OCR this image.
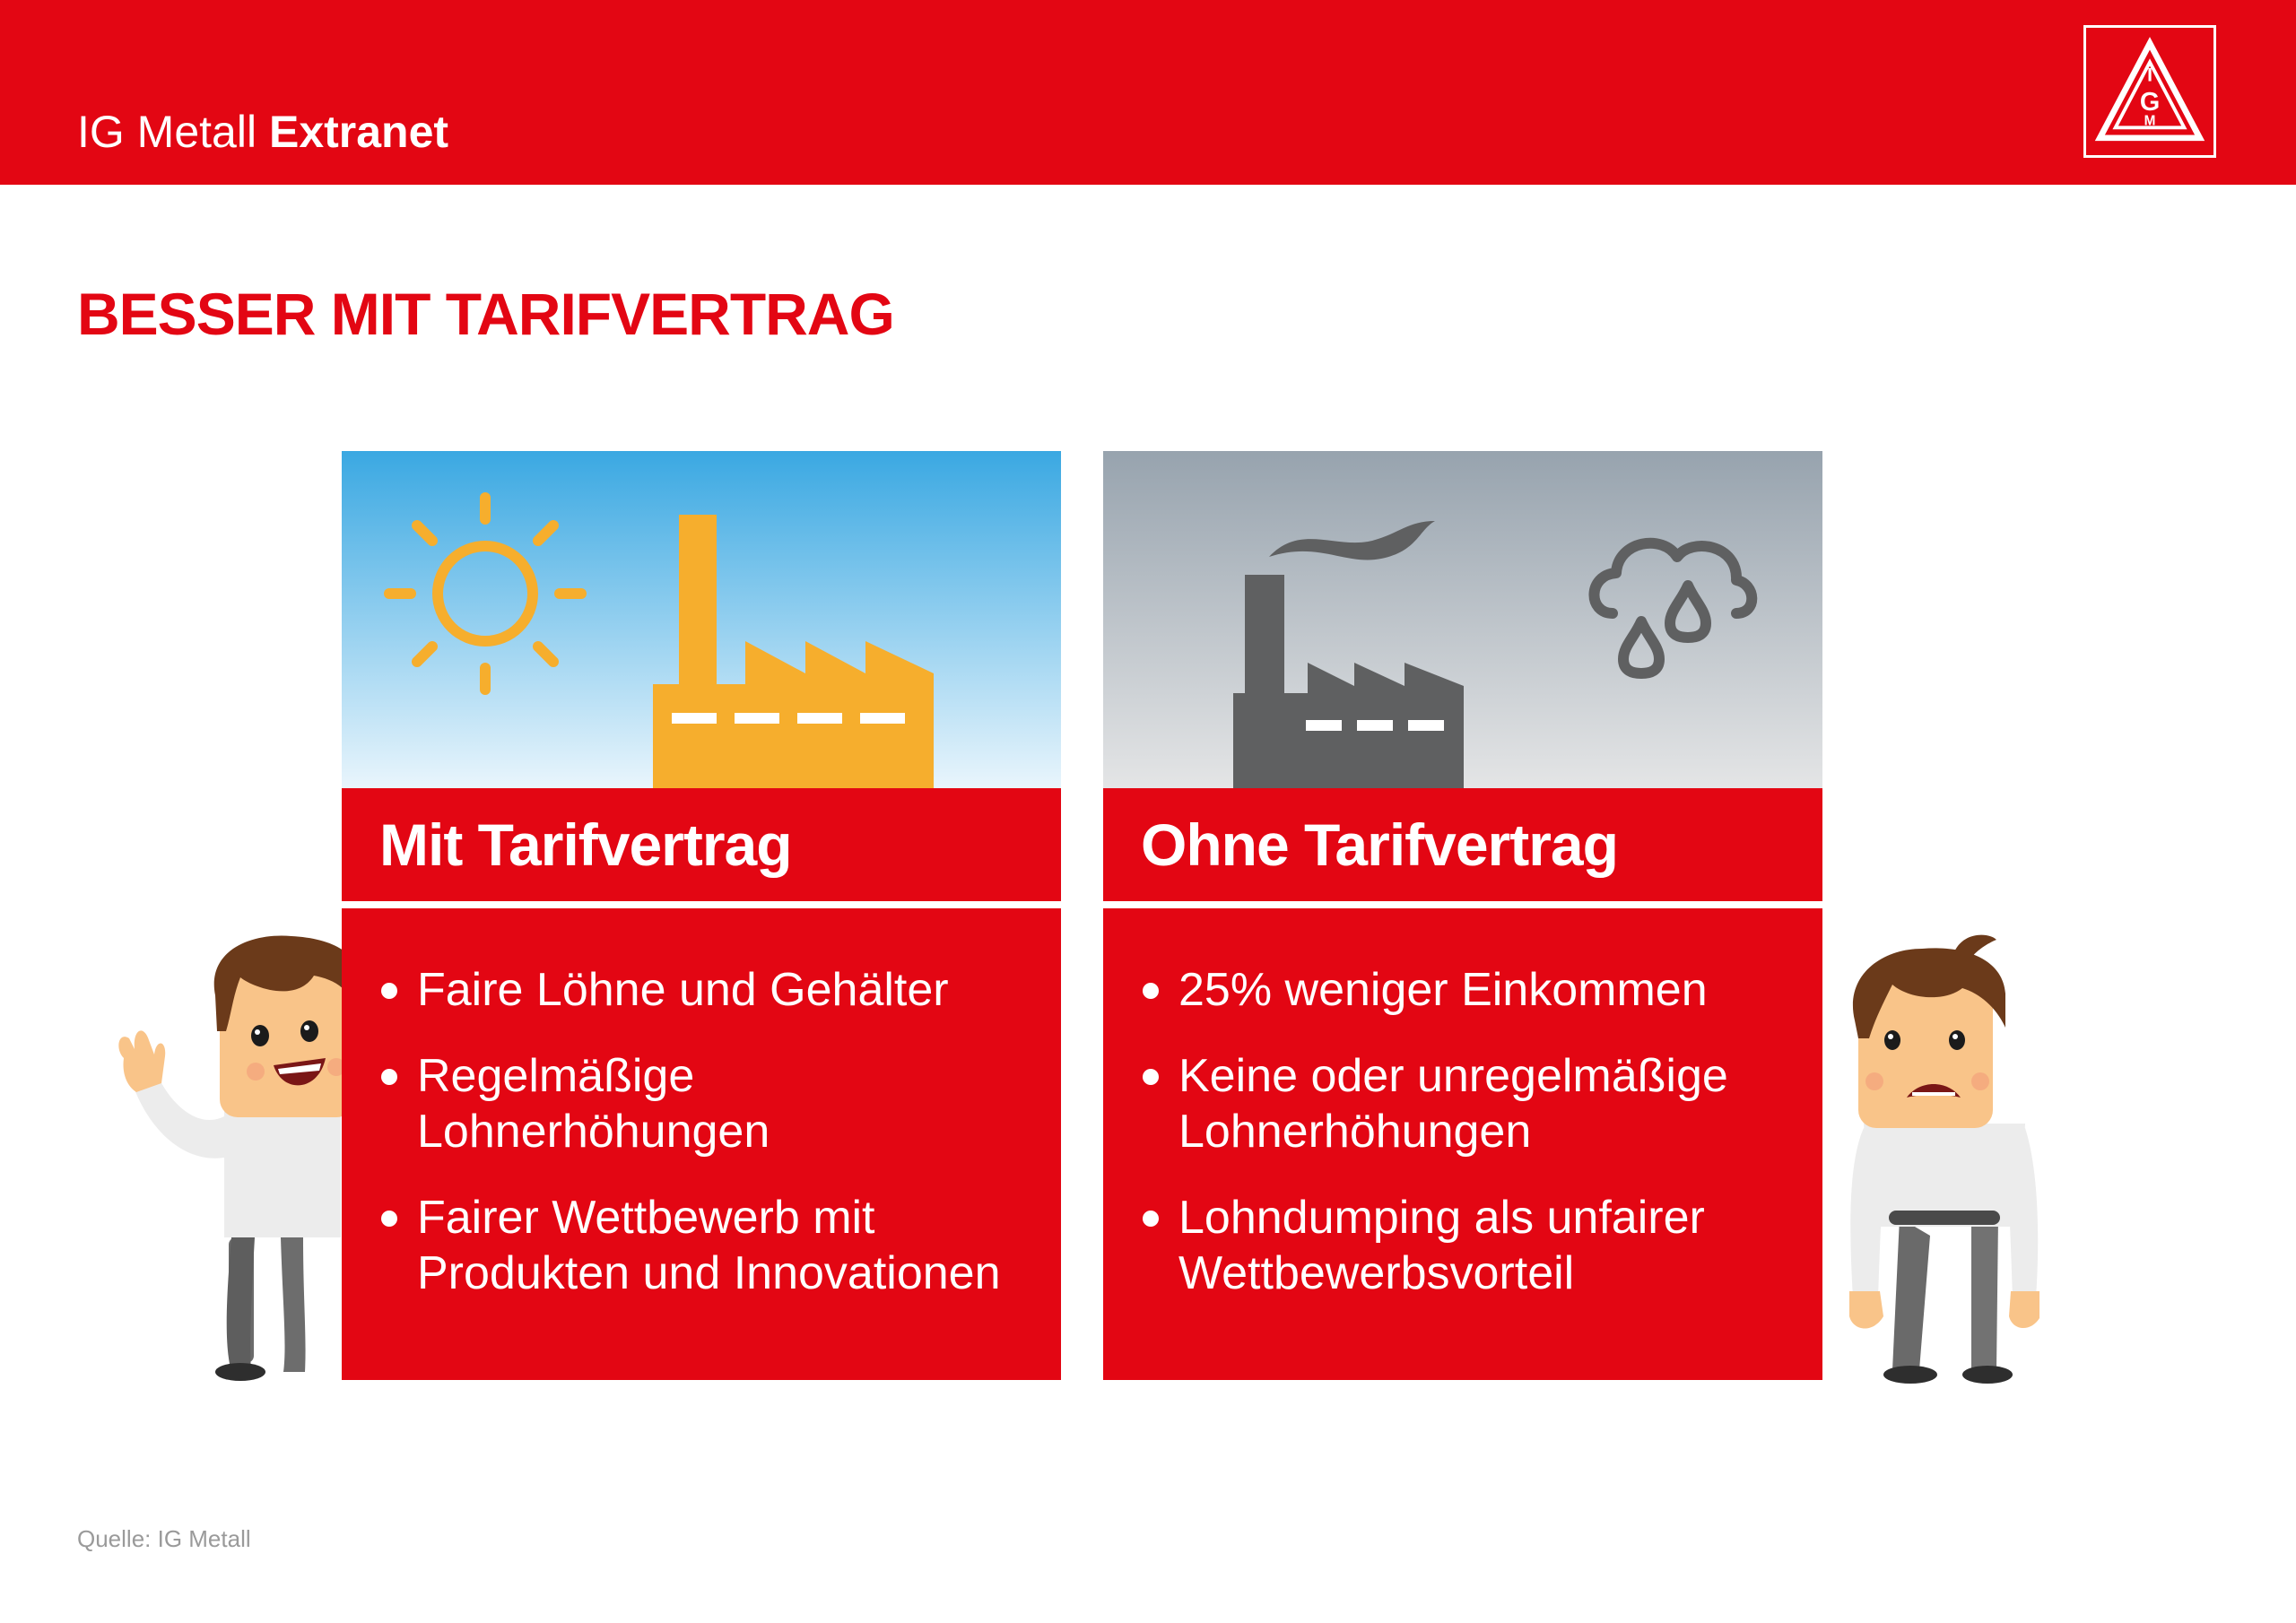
IG Metall Extranet
I
G
M
BESSER MIT TARIFVERTRAG
Mit Tarifvertrag
Faire Löhne und Gehälter
Regelmäßige
Lohnerhöhungen
Fairer Wettbewerb mit
Produkten und Innovationen
Ohne Tarifvertrag
25% weniger Einkommen
Keine oder unregelmäßige
Lohnerhöhungen
Lohndumping als unfairer
Wettbewerbsvorteil
Quelle: IG Metall
